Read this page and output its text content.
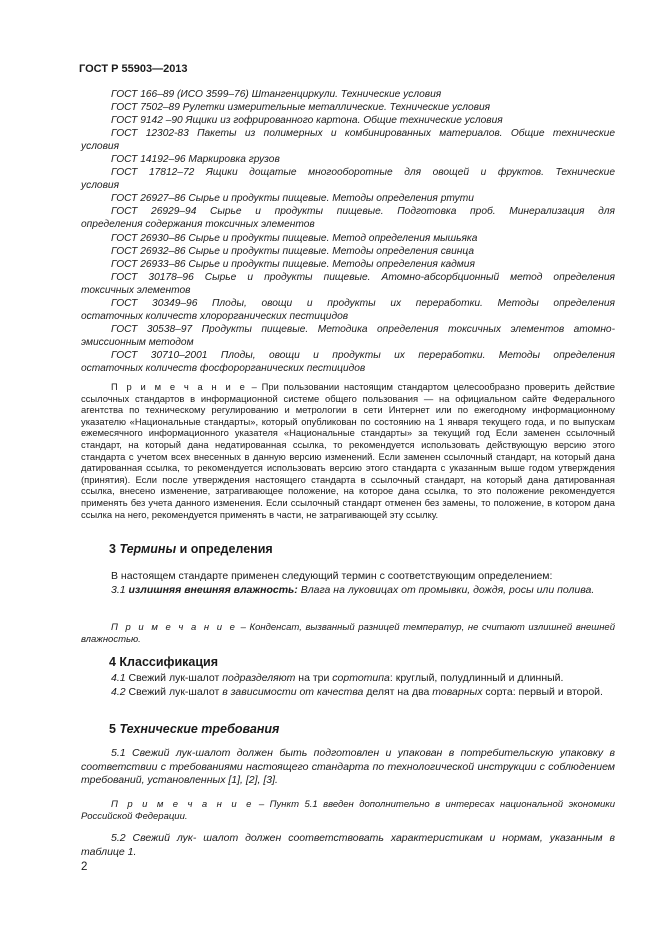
ГОСТ Р 55903—2013
ГОСТ 166–89 (ИСО 3599–76) Штангенциркули. Технические условия
ГОСТ 7502–89 Рулетки измерительные металлические. Технические условия
ГОСТ 9142 –90 Ящики из гофрированного картона. Общие технические условия
ГОСТ 12302-83 Пакеты из полимерных и комбинированных материалов. Общие технические
условия
ГОСТ 14192–96 Маркировка грузов
ГОСТ 17812–72 Ящики дощатые многооборотные для овощей и фруктов. Технические
условия
ГОСТ 26927–86 Сырье и продукты пищевые. Методы определения ртути
ГОСТ 26929–94 Сырье и продукты пищевые. Подготовка проб. Минерализация для
определения содержания токсичных элементов
ГОСТ 26930–86 Сырье и продукты пищевые. Метод определения мышьяка
ГОСТ 26932–86 Сырье и продукты пищевые. Методы определения свинца
ГОСТ 26933–86 Сырье и продукты пищевые. Методы определения кадмия
ГОСТ 30178–96 Сырье и продукты пищевые. Атомно-абсорбционный метод определения
токсичных элементов
ГОСТ 30349–96 Плоды, овощи и продукты их переработки. Методы определения
остаточных количеств хлорорганических пестицидов
ГОСТ 30538–97 Продукты пищевые. Методика определения токсичных элементов атомно-
эмиссионным методом
ГОСТ 30710–2001 Плоды, овощи и продукты их переработки. Методы определения
остаточных количеств фосфорорганических пестицидов
П р и м е ч а н и е – При пользовании настоящим стандартом целесообразно проверить действие ссылочных стандартов в информационной системе общего пользования — на официальном сайте Федерального агентства по техническому регулированию и метрологии в сети Интернет или по ежегодному информационному указателю «Национальные стандарты», который опубликован по состоянию на 1 января текущего года, и по выпускам ежемесячного информационного указателя «Национальные стандарты» за текущий год Если заменен ссылочный стандарт, на который дана недатированная ссылка, то рекомендуется использовать действующую версию этого стандарта с учетом всех внесенных в данную версию изменений. Если заменен ссылочный стандарт, на который дана датированная ссылка, то рекомендуется использовать версию этого стандарта с указанным выше годом утверждения (принятия). Если после утверждения настоящего стандарта в ссылочный стандарт, на который дана датированная ссылка, внесено изменение, затрагивающее положение, на которое дана ссылка, то это положение рекомендуется применять без учета данного изменения. Если ссылочный стандарт отменен без замены, то положение, в котором дана ссылка на него, рекомендуется применять в части, не затрагивающей эту ссылку.
3 Термины и определения
В настоящем стандарте применен следующий термин с соответствующим определением:
3.1 излишняя внешняя влажность: Влага на луковицах от промывки, дождя, росы или полива.
П р и м е ч а н и е – Конденсат, вызванный разницей температур, не считают излишней внешней влажностью.
4 Классификация
4.1 Свежий лук-шалот подразделяют на три сортотипа: круглый, полудлинный и длинный.
4.2 Свежий лук-шалот в зависимости от качества делят на два товарных сорта: первый и второй.
5 Технические требования
5.1 Свежий лук-шалот должен быть подготовлен и упакован в потребительскую упаковку в соответствии с требованиями настоящего стандарта по технологической инструкции с соблюдением требований, установленных [1], [2], [3].
П р и м е ч а н и е – Пункт 5.1 введен дополнительно в интересах национальной экономики Российской Федерации.
5.2 Свежий лук- шалот должен соответствовать характеристикам и нормам, указанным в таблице 1.
2
